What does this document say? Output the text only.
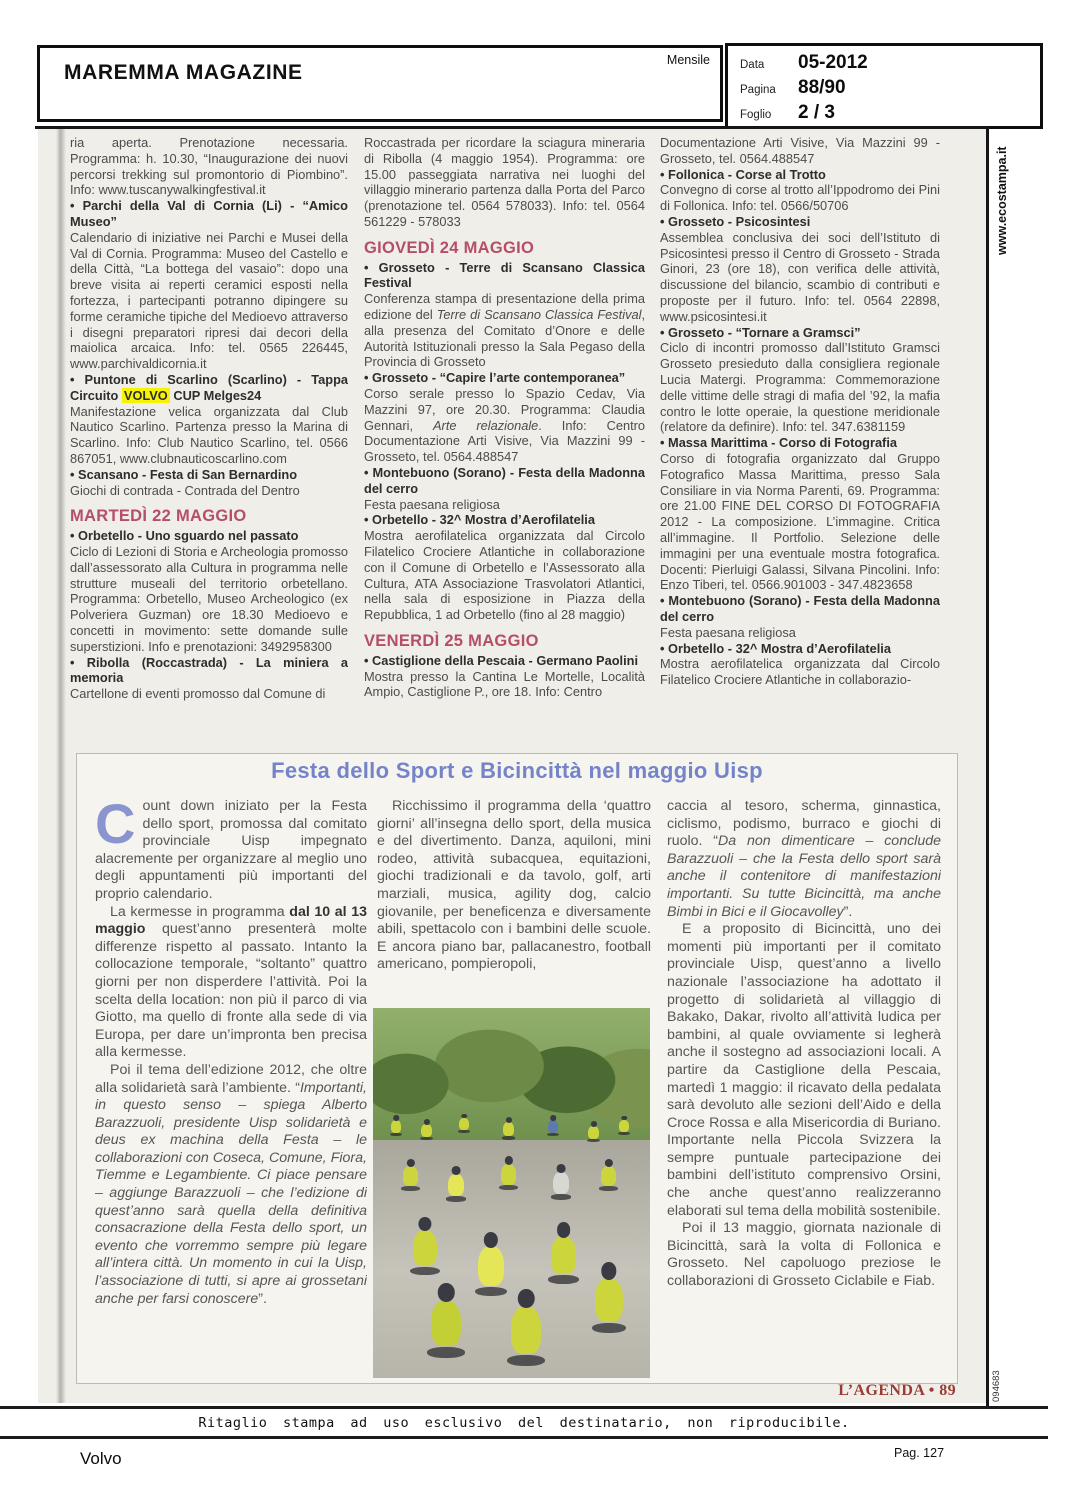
MAREMMA MAGAZINE
Mensile	Data 05-2012
Pagina 88/90
Foglio 2 / 3
www.ecostampa.it
094683

ria aperta. Prenotazione necessaria. Programma: h. 10.30, “Inaugurazione dei nuovi percorsi trekking sul promontorio di Piombino”. Info: www.tuscanywalkingfestival.it

• Parchi della Val di Cornia (Li) - “Amico Museo”

Calendario di iniziative nei Parchi e Musei della Val di Cornia. Programma: Museo del Castello e della Città, “La bottega del vasaio”: dopo una breve visita ai reperti ceramici esposti nella fortezza, i partecipanti potranno dipingere su forme ceramiche tipiche del Medioevo attraverso i disegni preparatori ripresi dai decori della maiolica arcaica. Info: tel. 0565 226445, www.parchivaldicornia.it

• Puntone di Scarlino (Scarlino) - Tappa Circuito VOLVO CUP Melges24

Manifestazione velica organizzata dal Club Nautico Scarlino. Partenza presso la Marina di Scarlino. Info: Club Nautico Scarlino, tel. 0566 867051, www.clubnauticoscarlino.com

• Scansano - Festa di San Bernardino

Giochi di contrada - Contrada del Dentro

MARTEDÌ 22 MAGGIO

• Orbetello - Uno sguardo nel passato

Ciclo di Lezioni di Storia e Archeologia promosso dall’assessorato alla Cultura in programma nelle strutture museali del territorio orbetellano. Programma: Orbetello, Museo Archeologico (ex Polveriera Guzman) ore 18.30 Medioevo e concetti in movimento: sette domande sulle superstizioni. Info e prenotazioni: 3492958300

• Ribolla (Roccastrada) - La miniera a memoria

Cartellone di eventi promosso dal Comune di

Roccastrada per ricordare la sciagura mineraria di Ribolla (4 maggio 1954). Programma: ore 15.00 passeggiata narrativa nei luoghi del villaggio minerario partenza dalla Porta del Parco (prenotazione tel. 0564 578033). Info: tel. 0564 561229 - 578033

GIOVEDÌ 24 MAGGIO

• Grosseto - Terre di Scansano Classica Festival

Conferenza stampa di presentazione della prima edizione del Terre di Scansano Classica Festival, alla presenza del Comitato d’Onore e delle Autorità Istituzionali presso la Sala Pegaso della Provincia di Grosseto

• Grosseto - “Capire l’arte contemporanea”

Corso serale presso lo Spazio Cedav, Via Mazzini 97, ore 20.30. Programma: Claudia Gennari, Arte relazionale. Info: Centro Documentazione Arti Visive, Via Mazzini 99 - Grosseto, tel. 0564.488547

• Montebuono (Sorano) - Festa della Madonna del cerro

Festa paesana religiosa

• Orbetello - 32^ Mostra d’Aerofilatelia

Mostra aerofilatelica organizzata dal Circolo Filatelico Crociere Atlantiche in collaborazione con il Comune di Orbetello e l’Assessorato alla Cultura, ATA Associazione Trasvolatori Atlantici, nella sala di esposizione in Piazza della Repubblica, 1 ad Orbetello (fino al 28 maggio)

VENERDÌ 25 MAGGIO

• Castiglione della Pescaia - Germano Paolini

Mostra presso la Cantina Le Mortelle, Località Ampio, Castiglione P., ore 18. Info: Centro

Documentazione Arti Visive, Via Mazzini 99 - Grosseto, tel. 0564.488547

• Follonica - Corse al Trotto

Convegno di corse al trotto all’Ippodromo dei Pini di Follonica. Info: tel. 0566/50706

• Grosseto - Psicosintesi

Assemblea conclusiva dei soci dell’Istituto di Psicosintesi presso il Centro di Grosseto - Strada Ginori, 23 (ore 18), con verifica delle attività, discussione del bilancio, scambio di contributi e proposte per il futuro. Info: tel. 0564 22898, www.psicosintesi.it

• Grosseto - “Tornare a Gramsci”

Ciclo di incontri promosso dall’Istituto Gramsci Grosseto presieduto dalla consigliera regionale Lucia Matergi. Programma: Commemorazione delle vittime delle stragi di mafia del ’92, la mafia contro le lotte operaie, la questione meridionale (relatore da definire). Info: tel. 347.6381159

• Massa Marittima - Corso di Fotografia

Corso di fotografia organizzato dal Gruppo Fotografico Massa Marittima, presso Sala Consiliare in via Norma Parenti, 69. Programma: ore 21.00 FINE DEL CORSO DI FOTOGRAFIA 2012 - La composizione. L’immagine. Critica all’immagine. Il Portfolio. Selezione delle immagini per una eventuale mostra fotografica. Docenti: Pierluigi Galassi, Silvana Pincolini. Info: Enzo Tiberi, tel. 0566.901003 - 347.4823658

• Montebuono (Sorano) - Festa della Madonna del cerro

Festa paesana religiosa

• Orbetello - 32^ Mostra d’Aerofilatelia

Mostra aerofilatelica organizzata dal Circolo Filatelico Crociere Atlantiche in collaborazio-

Festa dello Sport e Bicincittà nel maggio Uisp

Count down iniziato per la Festa dello sport, promossa dal comitato provinciale Uisp impegnato alacremente per organizzare al meglio uno degli appuntamenti più importanti del proprio calendario.

La kermesse in programma dal 10 al 13 maggio quest’anno presenterà molte differenze rispetto al passato. Intanto la collocazione temporale, “soltanto” quattro giorni per non disperdere l’attività. Poi la scelta della location: non più il parco di via Giotto, ma quello di fronte alla sede di via Europa, per dare un’impronta ben precisa alla kermesse.

Poi il tema dell’edizione 2012, che oltre alla solidarietà sarà l’ambiente. “Importanti, in questo senso – spiega Alberto Barazzuoli, presidente Uisp solidarietà e deus ex machina della Festa – le collaborazioni con Coseca, Comune, Fiora, Tiemme e Legambiente. Ci piace pensare – aggiunge Barazzuoli – che l’edizione di quest’anno sarà quella della definitiva consacrazione della Festa dello sport, un evento che vorremmo sempre più legare all’intera città. Un momento in cui la Uisp, l’associazione di tutti, si apre ai grossetani anche per farsi conoscere”.

Ricchissimo il programma della ‘quattro giorni’ all’insegna dello sport, della musica e del divertimento. Danza, aquiloni, mini rodeo, attività subacquea, equitazioni, giochi tradizionali e da tavolo, golf, arti marziali, musica, agility dog, calcio giovanile, per beneficenza e diversamente abili, spettacolo con i bambini delle scuole. E ancora piano bar, pallacanestro, football americano, pompieropoli,

caccia al tesoro, scherma, ginnastica, ciclismo, podismo, burraco e giochi di ruolo. “Da non dimenticare – conclude Barazzuoli – che la Festa dello sport sarà anche il contenitore di manifestazioni importanti. Su tutte Bicincittà, ma anche Bimbi in Bici e il Giocavolley”.

E a proposito di Bicincittà, uno dei momenti più importanti per il comitato provinciale Uisp, quest’anno a livello nazionale l’associazione ha adottato il progetto di solidarietà al villaggio di Bakako, Dakar, rivolto all’attività ludica per bambini, al quale ovviamente si legherà anche il sostegno ad associazioni locali. A partire da Castiglione della Pescaia, martedì 1 maggio: il ricavato della pedalata sarà devoluto alle sezioni dell’Aido e della Croce Rossa e alla Misericordia di Buriano. Importante nella Piccola Svizzera la sempre puntuale partecipazione dei bambini dell’istituto comprensivo Orsini, che anche quest’anno realizzeranno elaborati sul tema della mobilità sostenibile.

Poi il 13 maggio, giornata nazionale di Bicincittà, sarà la volta di Follonica e Grosseto. Nel capoluogo preziose le collaborazioni di Grosseto Ciclabile e Fiab.

L’AGENDA • 89
Ritaglio stampa ad uso esclusivo del destinatario, non riproducibile.
Volvo	Pag. 127
